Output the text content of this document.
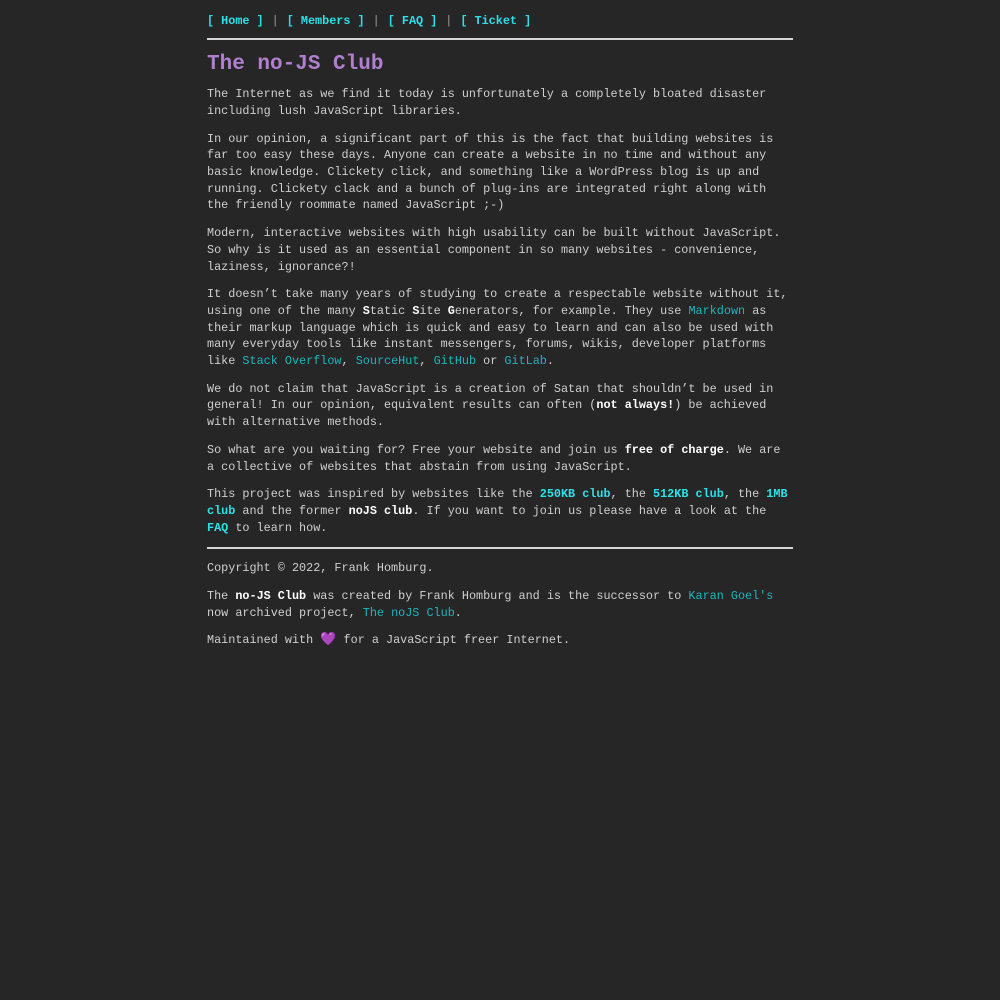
[ Home ] | [ Members ] | [ FAQ ] | [ Ticket ]
The no-JS Club

The Internet as we find it today is unfortunately a completely bloated disaster including lush JavaScript libraries.

In our opinion, a significant part of this is the fact that building websites is far too easy these days. Anyone can create a website in no time and without any basic knowledge. Clickety click, and something like a WordPress blog is up and running. Clickety clack and a bunch of plug-ins are integrated right along with the friendly roommate named JavaScript ;-)

Modern, interactive websites with high usability can be built without JavaScript. So why is it used as an essential component in so many websites - convenience, laziness, ignorance?!

It doesn’t take many years of studying to create a respectable website without it, using one of the many Static Site Generators, for example. They use Markdown as their markup language which is quick and easy to learn and can also be used with many everyday tools like instant messengers, forums, wikis, developer platforms like Stack Overflow, SourceHut, GitHub or GitLab.

We do not claim that JavaScript is a creation of Satan that shouldn’t be used in general! In our opinion, equivalent results can often (not always!) be achieved with alternative methods.

So what are you waiting for? Free your website and join us free of charge. We are a collective of websites that abstain from using JavaScript.

This project was inspired by websites like the 250KB club, the 512KB club, the 1MB club and the former noJS club. If you want to join us please have a look at the FAQ to learn how.

Copyright © 2022, Frank Homburg.

The no-JS Club was created by Frank Homburg and is the successor to Karan Goel's now archived project, The noJS Club.

Maintained with 💜 for a JavaScript freer Internet.
